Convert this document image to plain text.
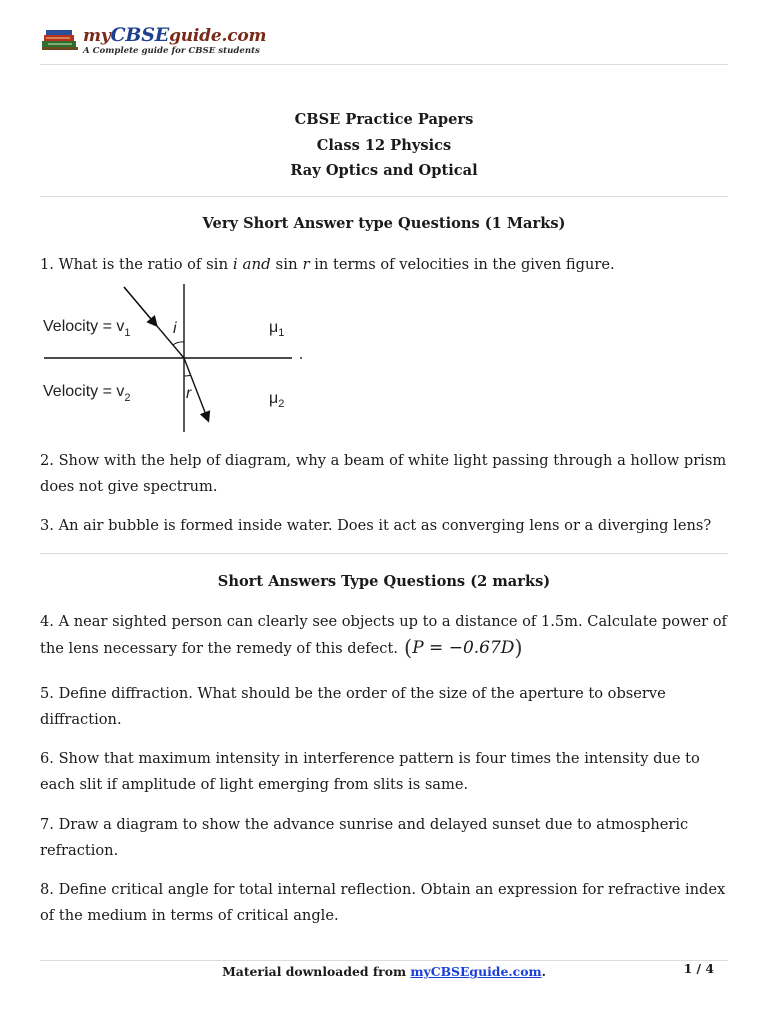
myCBSEguide.com
A Complete guide for CBSE students
CBSE Practice Papers
Class 12 Physics
Ray Optics and Optical
Very Short Answer type Questions (1 Marks)
1. What is the ratio of sin i and sin r in terms of velocities in the given figure.
Velocity = $v_1$
Velocity = $v_2$
i
r
$\mu_1$
$\mu_2$
2. Show with the help of diagram, why a beam of white light passing through a hollow prism does not give spectrum.
3. An air bubble is formed inside water. Does it act as converging lens or a diverging lens?
Short Answers Type Questions (2 marks)
4. A near sighted person can clearly see objects up to a distance of 1.5m. Calculate power of the lens necessary for the remedy of this defect. (P = −0.67D)
5. Define diffraction. What should be the order of the size of the aperture to observe diffraction.
6. Show that maximum intensity in interference pattern is four times the intensity due to each slit if amplitude of light emerging from slits is same.
7. Draw a diagram to show the advance sunrise and delayed sunset due to atmospheric refraction.
8. Define critical angle for total internal reflection. Obtain an expression for refractive index of the medium in terms of critical angle.
Material downloaded from myCBSEguide.com.	1 / 4
